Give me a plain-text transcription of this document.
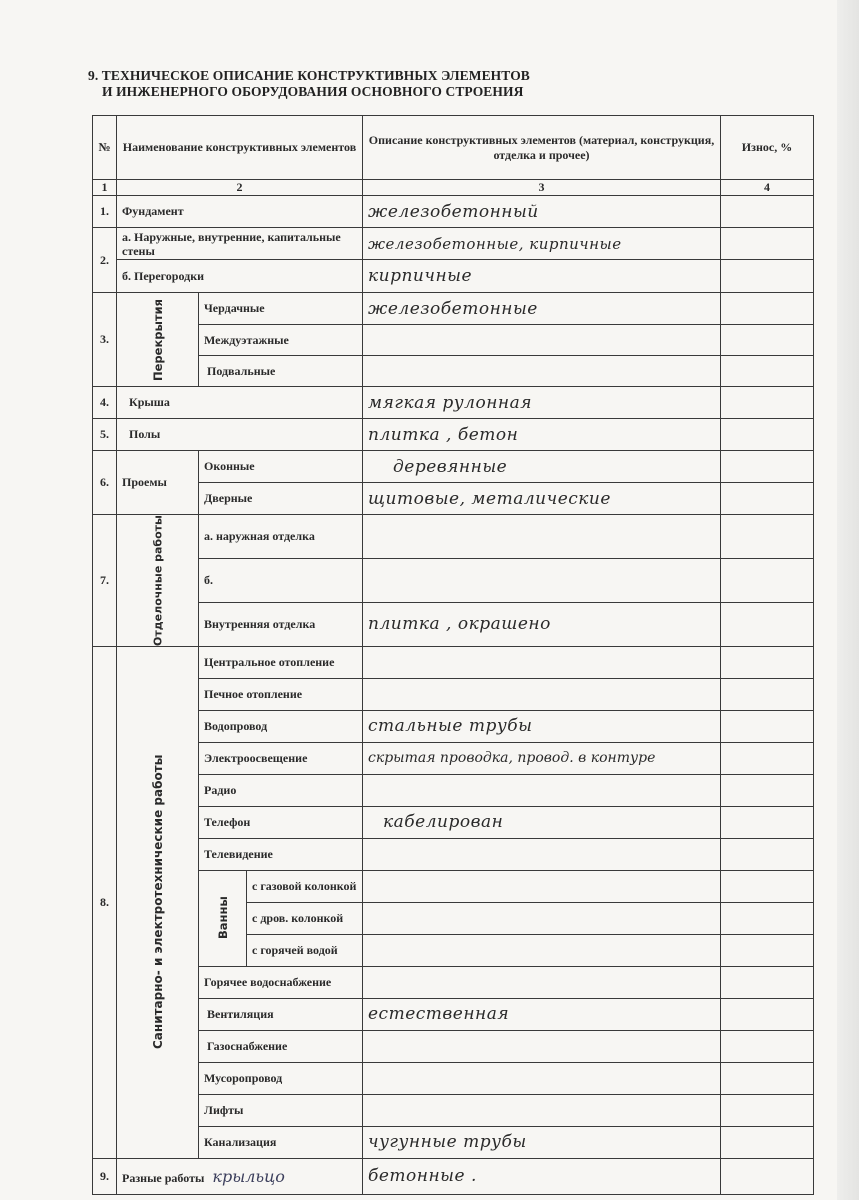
9. ТЕХНИЧЕСКОЕ ОПИСАНИЕ КОНСТРУКТИВНЫХ ЭЛЕМЕНТОВ
И ИНЖЕНЕРНОГО ОБОРУДОВАНИЯ ОСНОВНОГО СТРОЕНИЯ
№	Наименование конструктивных элементов			Описание конструктивных элементов (материал, конструкция, отделка и прочее)	Износ, %
1	2			3	4
1.	Фундамент			железобетонный	
2.	а. Наружные, внутренние, капитальные стены			железобетонные, кирпичные	
	б. Перегородки			кирпичные	
3.	Перекрытия	Чердачные		железобетонные	
		Междуэтажные			
		Подвальные			
4.	Крыша			мягкая рулонная	
5.	Полы			плитка , бетон	
6.	Проемы	Оконные		деревянные	
		Дверные		щитовые, металические	
7.	Отделочные работы	а. наружная отделка			
		б.			
		Внутренняя отделка		плитка , окрашено	
8.	Санитарно- и электротехнические работы	Центральное отопление			
		Печное отопление			
		Водопровод		стальные трубы	
		Электроосвещение		скрытая проводка, провод. в контуре	
		Радио			
		Телефон		кабелирован	
		Телевидение			
		Ванны	с газовой колонкой		
			с дров. колонкой		
			с горячей водой		
		Горячее водоснабжение			
		Вентиляция		естественная	
		Газоснабжение			
		Мусоропровод			
		Лифты			
		Канализация		чугунные трубы	
9.	Разные работы крыльцо			бетонные .	
